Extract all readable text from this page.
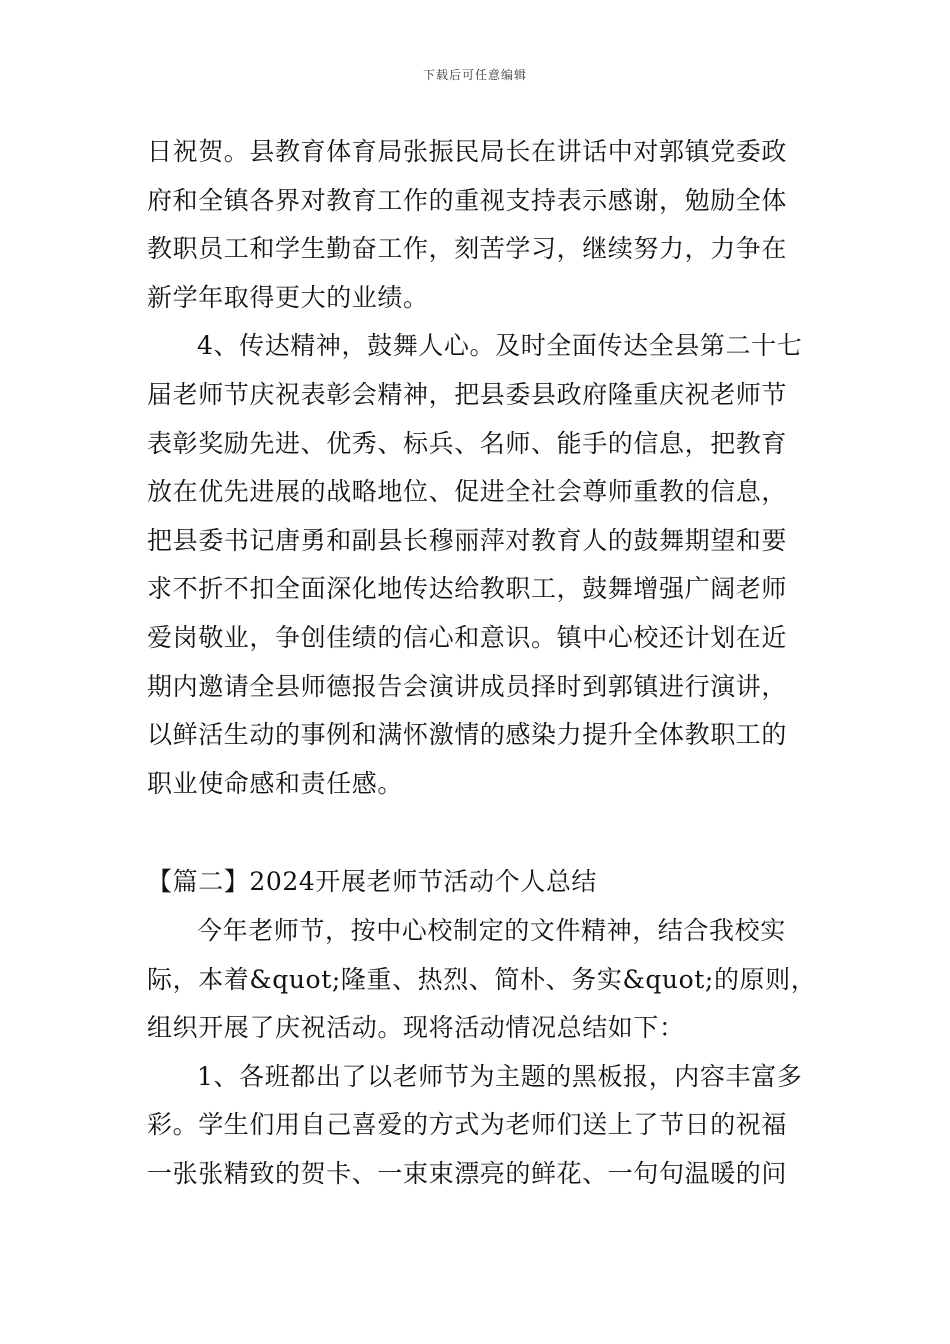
下载后可任意编辑
日祝贺。县教育体育局张振民局长在讲话中对郭镇党委政
府和全镇各界对教育工作的重视支持表示感谢，勉励全体
教职员工和学生勤奋工作，刻苦学习，继续努力，力争在
新学年取得更大的业绩。
4、传达精神，鼓舞人心。及时全面传达全县第二十七
届老师节庆祝表彰会精神，把县委县政府隆重庆祝老师节
表彰奖励先进、优秀、标兵、名师、能手的信息，把教育
放在优先进展的战略地位、促进全社会尊师重教的信息，
把县委书记唐勇和副县长穆丽萍对教育人的鼓舞期望和要
求不折不扣全面深化地传达给教职工，鼓舞增强广阔老师
爱岗敬业，争创佳绩的信心和意识。镇中心校还计划在近
期内邀请全县师德报告会演讲成员择时到郭镇进行演讲，
以鲜活生动的事例和满怀激情的感染力提升全体教职工的
职业使命感和责任感。
【篇二】2024开展老师节活动个人总结
今年老师节，按中心校制定的文件精神，结合我校实
际，本着&quot;隆重、热烈、简朴、务实&quot;的原则，
组织开展了庆祝活动。现将活动情况总结如下：
1、各班都出了以老师节为主题的黑板报，内容丰富多
彩。学生们用自己喜爱的方式为老师们送上了节日的祝福
一张张精致的贺卡、一束束漂亮的鲜花、一句句温暖的问
